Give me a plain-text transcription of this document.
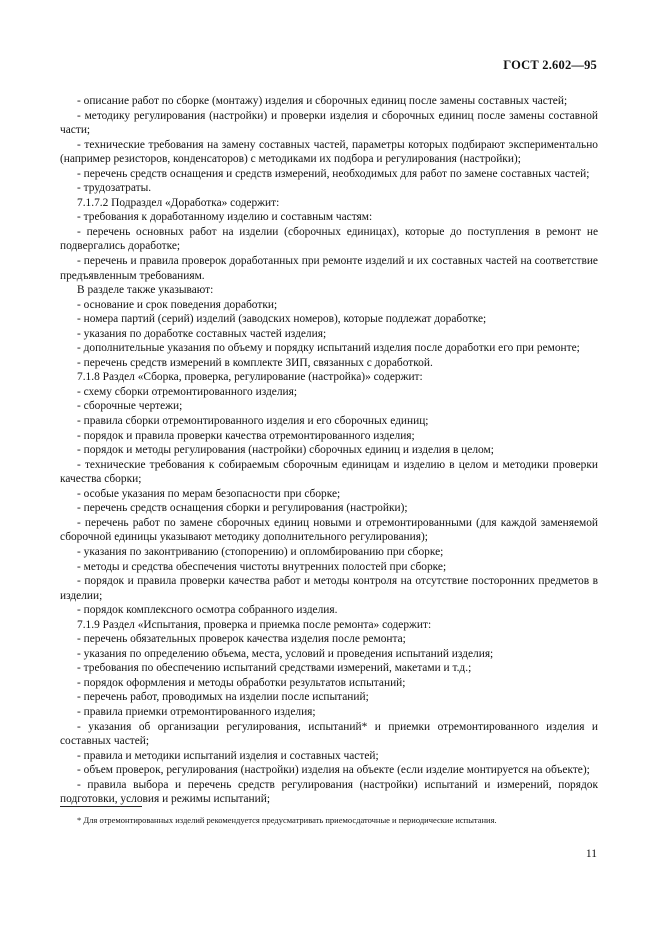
ГОСТ 2.602—95

- описание работ по сборке (монтажу) изделия и сборочных единиц после замены составных частей;

- методику регулирования (настройки) и проверки изделия и сборочных единиц после замены составной части;

- технические требования на замену составных частей, параметры которых подбирают экспериментально (например резисторов, конденсаторов) с методиками их подбора и регулирования (настройки);

- перечень средств оснащения и средств измерений, необходимых для работ по замене составных частей;

- трудозатраты.

7.1.7.2 Подраздел «Доработка» содержит:

- требования к доработанному изделию и составным частям:

- перечень основных работ на изделии (сборочных единицах), которые до поступления в ремонт не подвергались доработке;

- перечень и правила проверок доработанных при ремонте изделий и их составных частей на соответствие предъявленным требованиям.

В разделе также указывают:

- основание и срок поведения доработки;

- номера партий (серий) изделий (заводских номеров), которые подлежат доработке;

- указания по доработке составных частей изделия;

- дополнительные указания по объему и порядку испытаний изделия после доработки его при ремонте;

- перечень средств измерений в комплекте ЗИП, связанных с доработкой.

7.1.8 Раздел «Сборка, проверка, регулирование (настройка)» содержит:

- схему сборки отремонтированного изделия;

- сборочные чертежи;

- правила сборки отремонтированного изделия и его сборочных единиц;

- порядок и правила проверки качества отремонтированного изделия;

- порядок и методы регулирования (настройки) сборочных единиц и изделия в целом;

- технические требования к собираемым сборочным единицам и изделию в целом и методики проверки качества сборки;

- особые указания по мерам безопасности при сборке;

- перечень средств оснащения сборки и регулирования (настройки);

- перечень работ по замене сборочных единиц новыми и отремонтированными (для каждой заменяемой сборочной единицы указывают методику дополнительного регулирования);

- указания по законтриванию (стопорению) и опломбированию при сборке;

- методы и средства обеспечения чистоты внутренних полостей при сборке;

- порядок и правила проверки качества работ и методы контроля на отсутствие посторонних предметов в изделии;

- порядок комплексного осмотра собранного изделия.

7.1.9 Раздел «Испытания, проверка и приемка после ремонта» содержит:

- перечень обязательных проверок качества изделия после ремонта;

- указания по определению объема, места, условий и проведения испытаний изделия;

- требования по обеспечению испытаний средствами измерений, макетами и т.д.;

- порядок оформления и методы обработки результатов испытаний;

- перечень работ, проводимых на изделии после испытаний;

- правила приемки отремонтированного изделия;

- указания об организации регулирования, испытаний* и приемки отремонтированного изделия и составных частей;

- правила и методики испытаний изделия и составных частей;

- объем проверок, регулирования (настройки) изделия на объекте (если изделие монтируется на объекте);

- правила выбора и перечень средств регулирования (настройки) испытаний и измерений, порядок подготовки, условия и режимы испытаний;

* Для отремонтированных изделий рекомендуется предусматривать приемосдаточные и периодические испытания.

11
